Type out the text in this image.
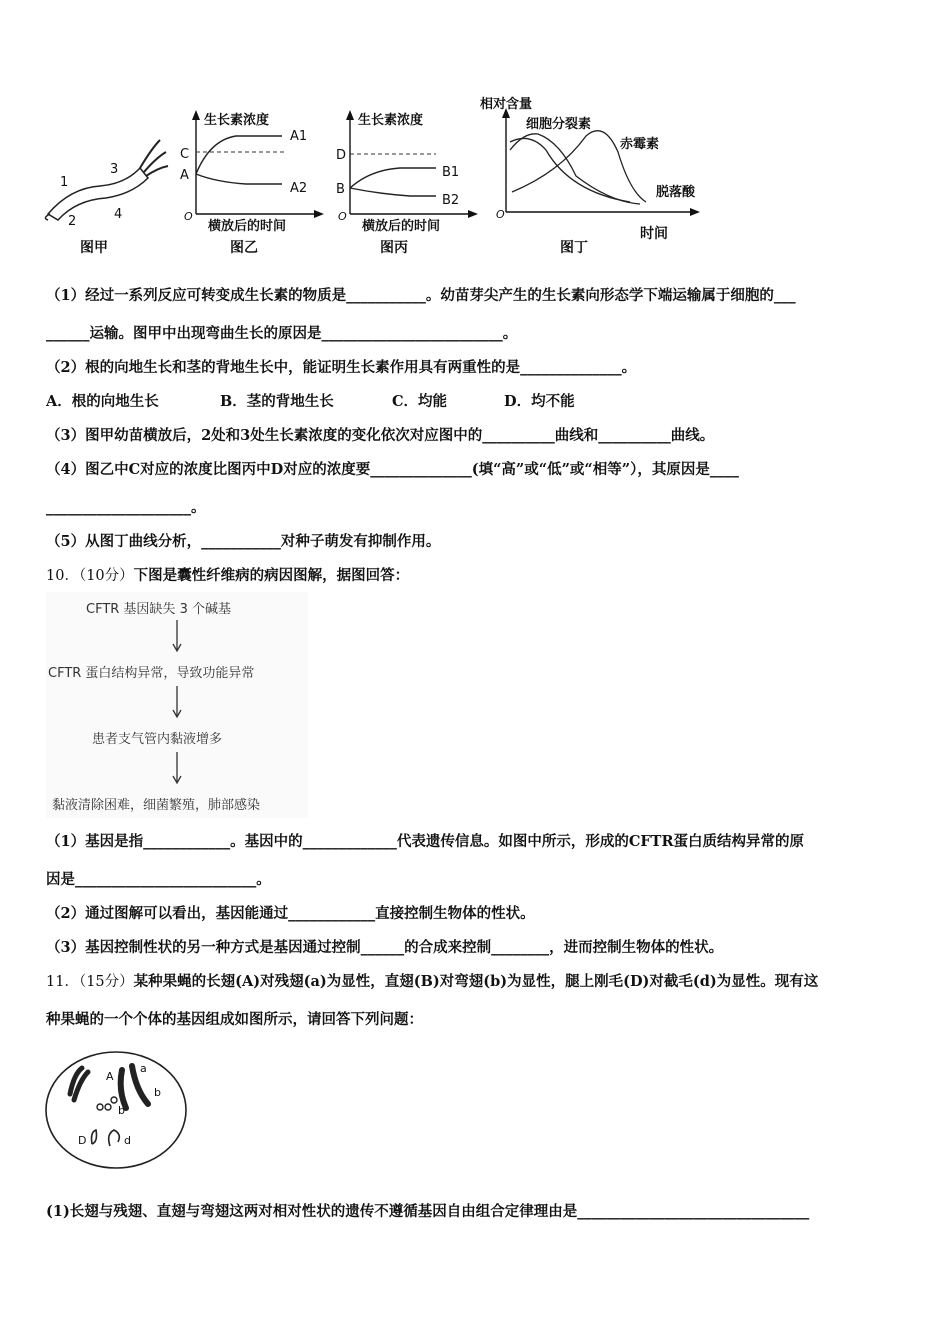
1
2
3
4
图甲
生长素浓度
C
A
A1
A2
O
横放后的时间
图乙
生长素浓度
D
B
B1
B2
O
横放后的时间
图丙
相对含量
细胞分裂素
赤霉素
脱落酸
O
时间
图丁
（1）经过一系列反应可转变成生长素的物质是___________。幼苗芽尖产生的生长素向形态学下端运输属于细胞的___
______运输。图甲中出现弯曲生长的原因是_________________________。
（2）根的向地生长和茎的背地生长中，能证明生长素作用具有两重性的是______________。
A．根的向地生长	B．茎的背地生长	C．均能	D．均不能
（3）图甲幼苗横放后，2处和3处生长素浓度的变化依次对应图中的__________曲线和__________曲线。
（4）图乙中C对应的浓度比图丙中D对应的浓度要______________(填“高”或“低”或“相等”），其原因是____
____________________。
（5）从图丁曲线分析，___________对种子萌发有抑制作用。
10．（10分）下图是囊性纤维病的病因图解，据图回答：
CFTR 基因缺失 3 个碱基
CFTR 蛋白结构异常，导致功能异常
患者支气管内黏液增多
黏液清除困难，细菌繁殖，肺部感染
（1）基因是指____________。基因中的_____________代表遗传信息。如图中所示，形成的CFTR蛋白质结构异常的原
因是_________________________。
（2）通过图解可以看出，基因能通过____________直接控制生物体的性状。
（3）基因控制性状的另一种方式是基因通过控制______的合成来控制________，进而控制生物体的性状。
11．（15分）某种果蝇的长翅(A)对残翅(a)为显性，直翅(B)对弯翅(b)为显性，腿上刚毛(D)对截毛(d)为显性。现有这
种果蝇的一个个体的基因组成如图所示，请回答下列问题：
A
a
b
b
D	d
(1)长翅与残翅、直翅与弯翅这两对相对性状的遗传不遵循基因自由组合定律理由是________________________________
